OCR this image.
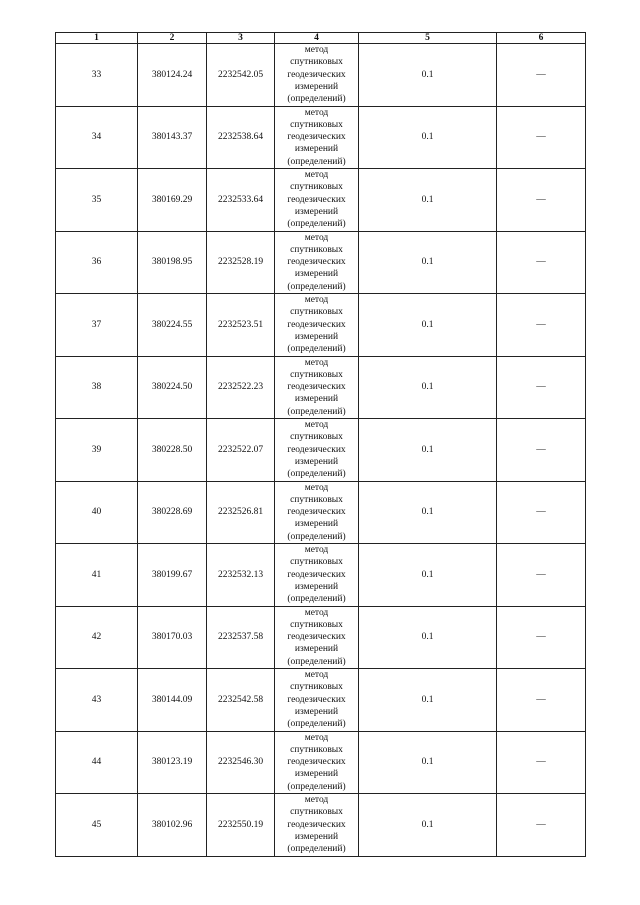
1	2	3	4	5	6
33	380124.24	2232542.05	метод
спутниковых
геодезических
измерений
(определений)	0.1	—
34	380143.37	2232538.64	метод
спутниковых
геодезических
измерений
(определений)	0.1	—
35	380169.29	2232533.64	метод
спутниковых
геодезических
измерений
(определений)	0.1	—
36	380198.95	2232528.19	метод
спутниковых
геодезических
измерений
(определений)	0.1	—
37	380224.55	2232523.51	метод
спутниковых
геодезических
измерений
(определений)	0.1	—
38	380224.50	2232522.23	метод
спутниковых
геодезических
измерений
(определений)	0.1	—
39	380228.50	2232522.07	метод
спутниковых
геодезических
измерений
(определений)	0.1	—
40	380228.69	2232526.81	метод
спутниковых
геодезических
измерений
(определений)	0.1	—
41	380199.67	2232532.13	метод
спутниковых
геодезических
измерений
(определений)	0.1	—
42	380170.03	2232537.58	метод
спутниковых
геодезических
измерений
(определений)	0.1	—
43	380144.09	2232542.58	метод
спутниковых
геодезических
измерений
(определений)	0.1	—
44	380123.19	2232546.30	метод
спутниковых
геодезических
измерений
(определений)	0.1	—
45	380102.96	2232550.19	метод
спутниковых
геодезических
измерений
(определений)	0.1	—
